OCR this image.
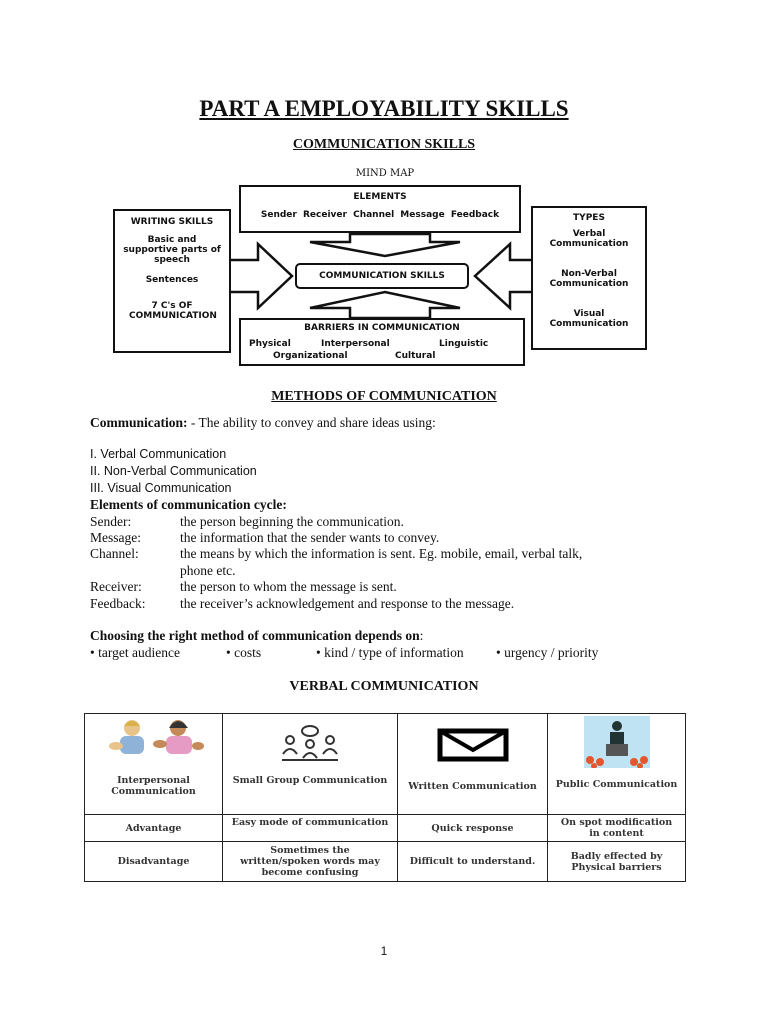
PART A EMPLOYABILITY SKILLS
COMMUNICATION SKILLS
MIND MAP
ELEMENTS
Sender Receiver Channel Message Feedback
WRITING SKILLS
Basic and supportive parts of speech
Sentences
7 C's OF COMMUNICATION
COMMUNICATION SKILLS
TYPES
Verbal Communication
Non-Verbal Communication
Visual Communication
BARRIERS IN COMMUNICATION
Physical	Interpersonal	Linguistic
Organizational	Cultural
METHODS OF COMMUNICATION
Communication: - The ability to convey and share ideas using:
I. Verbal Communication
II. Non-Verbal Communication
III. Visual Communication
Elements of communication cycle:
Sender:	the person beginning the communication.
Message:	the information that the sender wants to convey.
Channel:	the means by which the information is sent. Eg. mobile, email, verbal talk, phone etc.
Receiver:	the person to whom the message is sent.
Feedback:	the receiver’s acknowledgement and response to the message.
Choosing the right method of communication depends on:
• target audience	• costs	• kind / type of information • urgency / priority
VERBAL COMMUNICATION
Interpersonal Communication	Small Group Communication	Written Communication	Public Communication

Advantage	Easy mode of communication	Quick response	On spot modification in content
Disadvantage	Sometimes the written/spoken words may become confusing	Difficult to understand.	Badly effected by Physical barriers
1
